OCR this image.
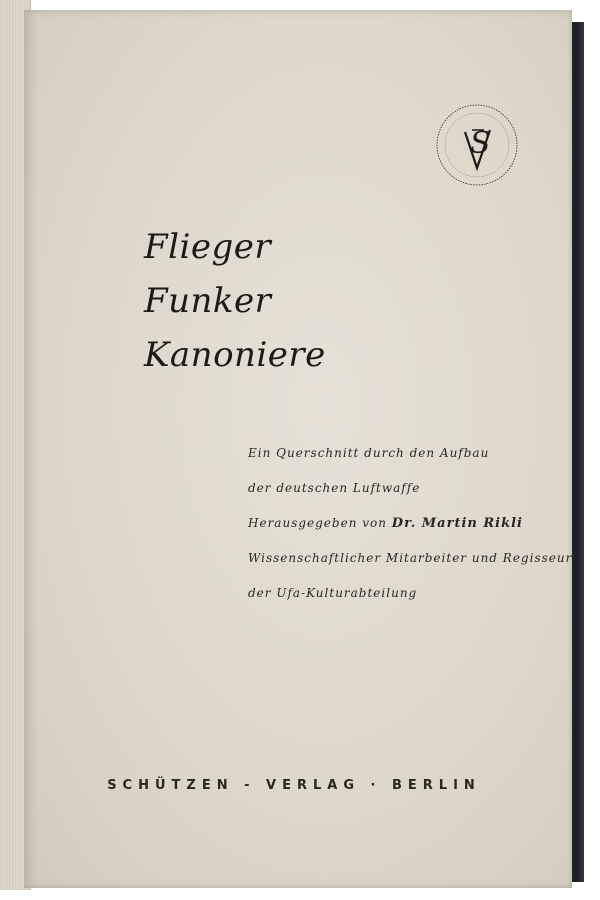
S
Flieger
Funker
Kanoniere
Ein Querschnitt durch den Aufbau
der deutschen Luftwaffe
Herausgegeben von Dr. Martin Rikli
Wissenschaftlicher Mitarbeiter und Regisseur
der Ufa-Kulturabteilung
SCHÜTZEN - VERLAG · BERLIN
